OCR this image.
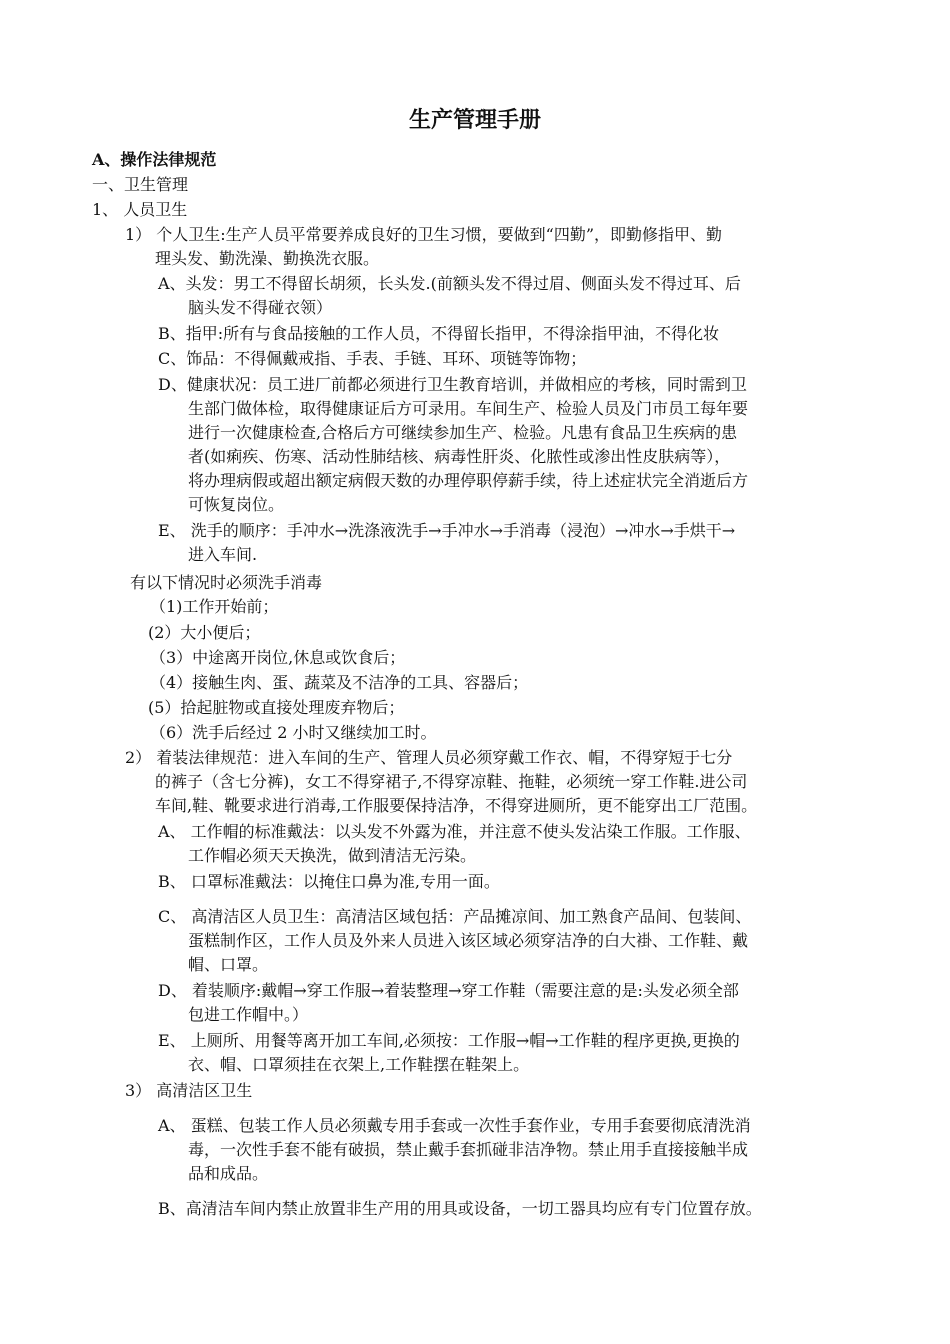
生产管理手册
A、操作法律规范
一、卫生管理
1、 人员卫生
1） 个人卫生:生产人员平常要养成良好的卫生习惯，要做到“四勤”，即勤修指甲、勤
理头发、勤洗澡、勤换洗衣服。
A、头发：男工不得留长胡须，长头发.(前额头发不得过眉、侧面头发不得过耳、后
脑头发不得碰衣领）
B、指甲:所有与食品接触的工作人员，不得留长指甲，不得涂指甲油，不得化妆
C、饰品：不得佩戴戒指、手表、手链、耳环、项链等饰物；
D、健康状况：员工进厂前都必须进行卫生教育培训，并做相应的考核，同时需到卫
生部门做体检，取得健康证后方可录用。车间生产、检验人员及门市员工每年要
进行一次健康检查,合格后方可继续参加生产、检验。凡患有食品卫生疾病的患
者(如痢疾、伤寒、活动性肺结核、病毒性肝炎、化脓性或渗出性皮肤病等），
将办理病假或超出额定病假天数的办理停职停薪手续，待上述症状完全消逝后方
可恢复岗位。
E、 洗手的顺序：手冲水→洗涤液洗手→手冲水→手消毒（浸泡）→冲水→手烘干→
进入车间.
有以下情况时必须洗手消毒
（1)工作开始前；
(2）大小便后；
（3）中途离开岗位,休息或饮食后；
（4）接触生肉、蛋、蔬菜及不洁净的工具、容器后；
(5）拾起脏物或直接处理废弃物后；
（6）洗手后经过 2 小时又继续加工时。
2） 着装法律规范：进入车间的生产、管理人员必须穿戴工作衣、帽，不得穿短于七分
的裤子（含七分裤)，女工不得穿裙子,不得穿凉鞋、拖鞋，必须统一穿工作鞋.进公司
车间,鞋、靴要求进行消毒,工作服要保持洁净，不得穿进厕所，更不能穿出工厂范围。
A、 工作帽的标准戴法：以头发不外露为准，并注意不使头发沾染工作服。工作服、
工作帽必须天天换洗，做到清洁无污染。
B、 口罩标准戴法：以掩住口鼻为准,专用一面。
C、 高清洁区人员卫生：高清洁区域包括：产品摊凉间、加工熟食产品间、包装间、
蛋糕制作区，工作人员及外来人员进入该区域必须穿洁净的白大褂、工作鞋、戴
帽、口罩。
D、 着装顺序:戴帽→穿工作服→着装整理→穿工作鞋（需要注意的是:头发必须全部
包进工作帽中。）
E、 上厕所、用餐等离开加工车间,必须按：工作服→帽→工作鞋的程序更换,更换的
衣、帽、口罩须挂在衣架上,工作鞋摆在鞋架上。
3） 高清洁区卫生
A、 蛋糕、包装工作人员必须戴专用手套或一次性手套作业，专用手套要彻底清洗消
毒，一次性手套不能有破损，禁止戴手套抓碰非洁净物。禁止用手直接接触半成
品和成品。
B、高清洁车间内禁止放置非生产用的用具或设备，一切工器具均应有专门位置存放。
